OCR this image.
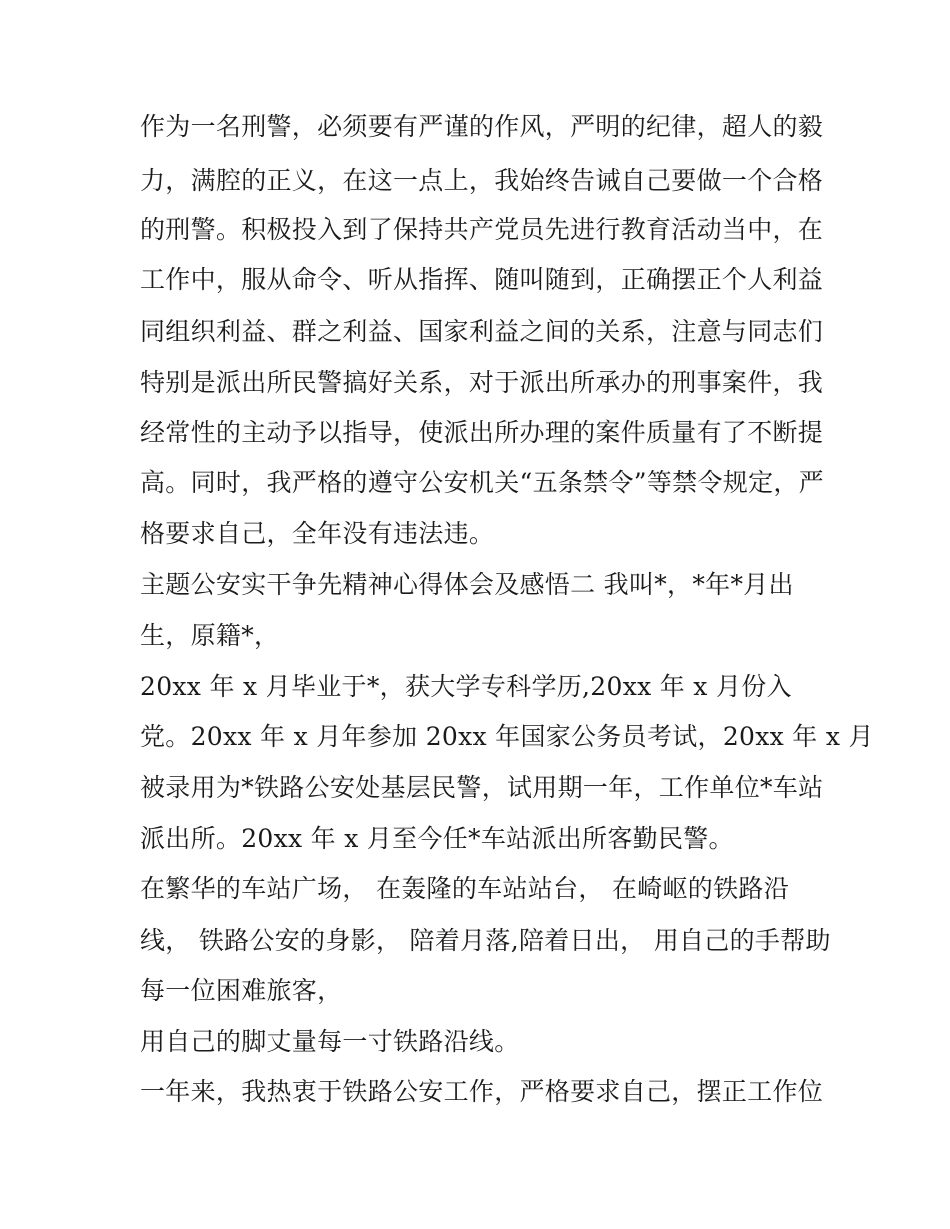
作为一名刑警，必须要有严谨的作风，严明的纪律，超人的毅
力，满腔的正义，在这一点上，我始终告诫自己要做一个合格
的刑警。积极投入到了保持共产党员先进行教育活动当中，在
工作中，服从命令、听从指挥、随叫随到，正确摆正个人利益
同组织利益、群之利益、国家利益之间的关系，注意与同志们
特别是派出所民警搞好关系，对于派出所承办的刑事案件，我
经常性的主动予以指导，使派出所办理的案件质量有了不断提
高。同时，我严格的遵守公安机关“五条禁令”等禁令规定，严
格要求自己，全年没有违法违。
主题公安实干争先精神心得体会及感悟二 我叫*，*年*月出
生，原籍*，
20xx 年 x 月毕业于*，获大学专科学历,20xx 年 x 月份入
党。20xx 年 x 月年参加 20xx 年国家公务员考试，20xx 年 x 月
被录用为*铁路公安处基层民警，试用期一年，工作单位*车站
派出所。20xx 年 x 月至今任*车站派出所客勤民警。
在繁华的车站广场， 在轰隆的车站站台， 在崎岖的铁路沿
线， 铁路公安的身影， 陪着月落,陪着日出， 用自己的手帮助
每一位困难旅客，
用自己的脚丈量每一寸铁路沿线。
一年来，我热衷于铁路公安工作，严格要求自己，摆正工作位
